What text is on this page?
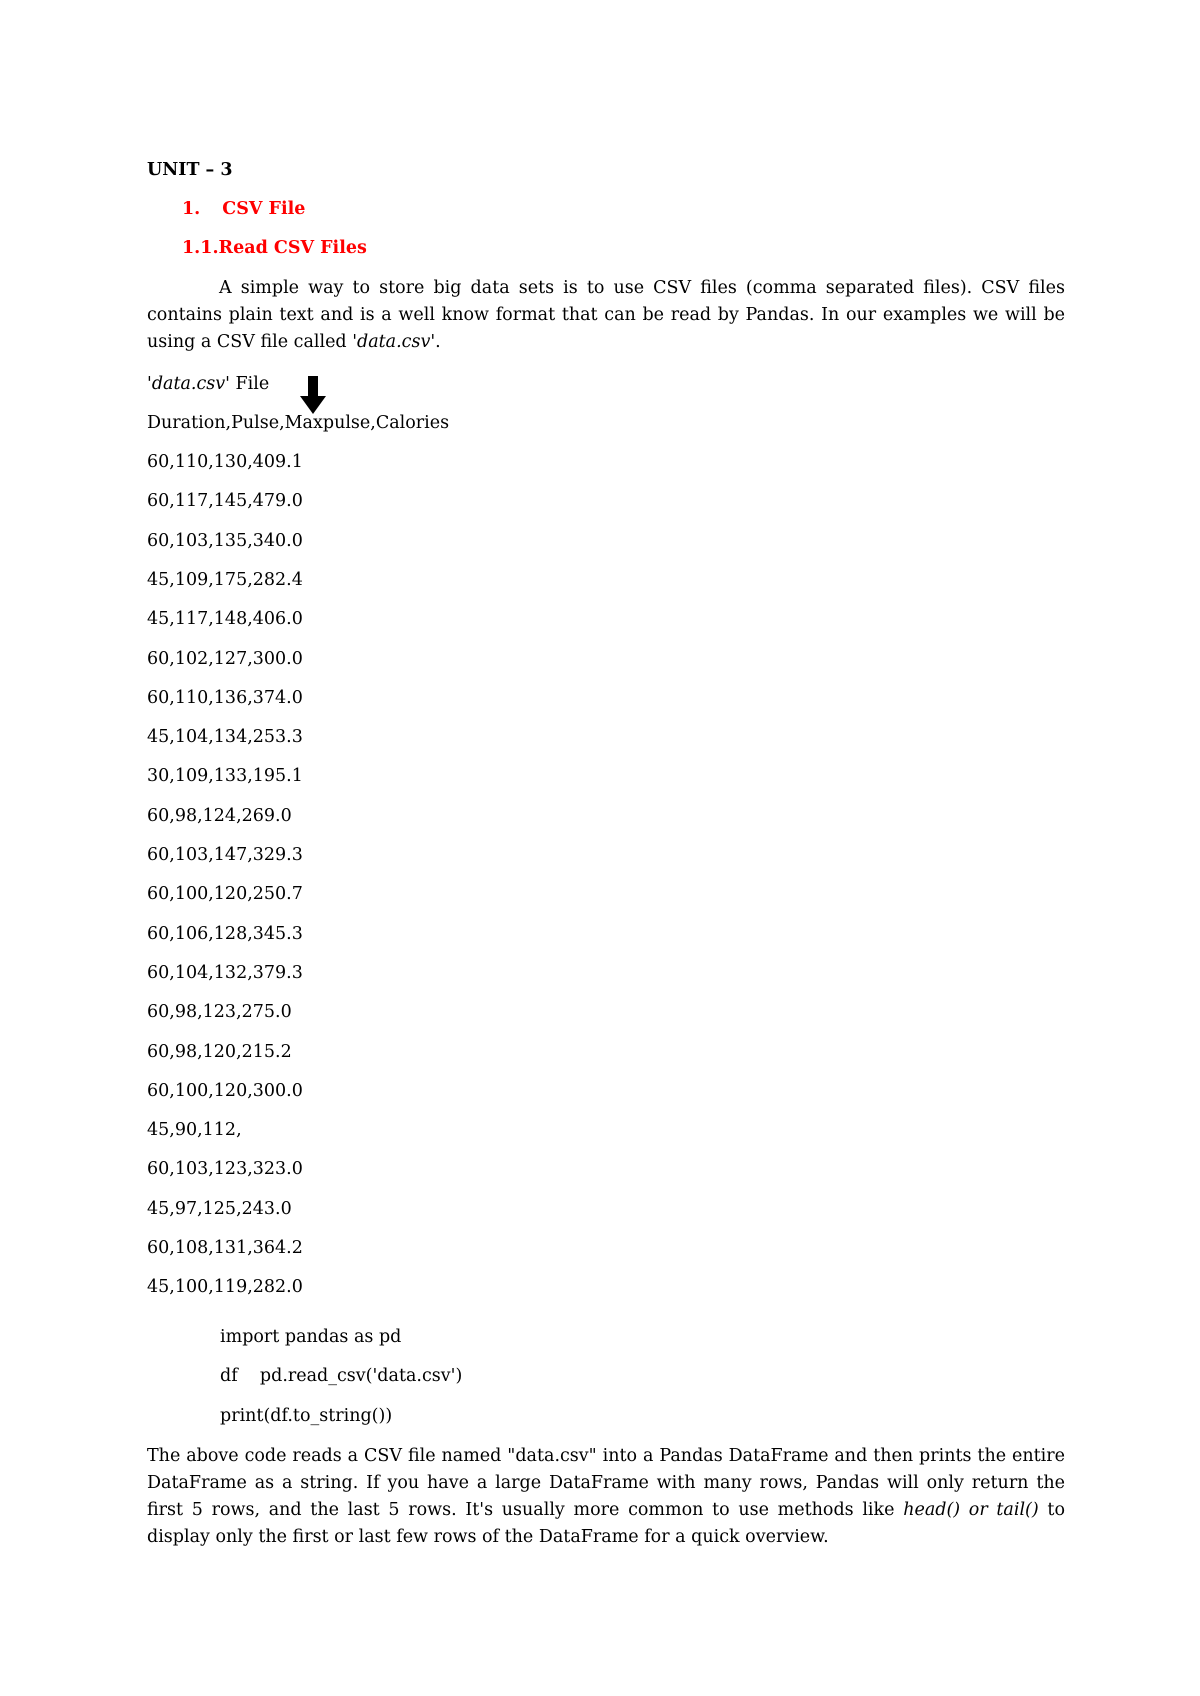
UNIT – 3
1. CSV File
1.1.Read CSV Files
A simple way to store big data sets is to use CSV files (comma separated files). CSV files contains plain text and is a well know format that can be read by Pandas. In our examples we will be using a CSV file called 'data.csv'.
'data.csv' File
Duration,Pulse,Maxpulse,Calories
60,110,130,409.1
60,117,145,479.0
60,103,135,340.0
45,109,175,282.4
45,117,148,406.0
60,102,127,300.0
60,110,136,374.0
45,104,134,253.3
30,109,133,195.1
60,98,124,269.0
60,103,147,329.3
60,100,120,250.7
60,106,128,345.3
60,104,132,379.3
60,98,123,275.0
60,98,120,215.2
60,100,120,300.0
45,90,112,
60,103,123,323.0
45,97,125,243.0
60,108,131,364.2
45,100,119,282.0
import pandas as pd
df    pd.read_csv('data.csv')
print(df.to_string())
The above code reads a CSV file named "data.csv" into a Pandas DataFrame and then prints the entire DataFrame as a string. If you have a large DataFrame with many rows, Pandas will only return the first 5 rows, and the last 5 rows. It's usually more common to use methods like head() or tail() to display only the first or last few rows of the DataFrame for a quick overview.
